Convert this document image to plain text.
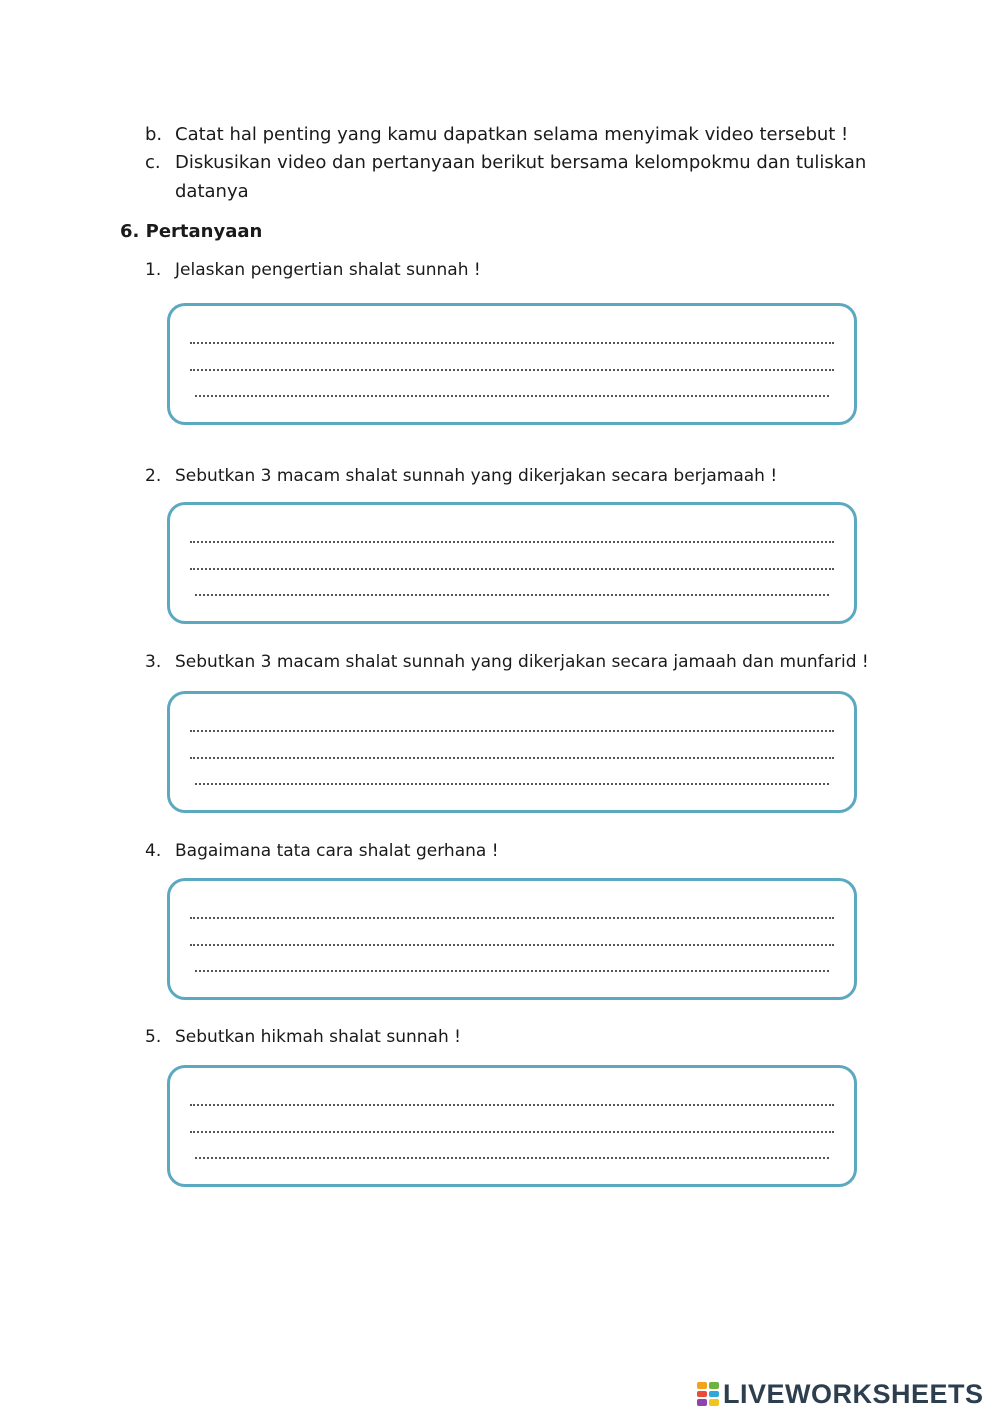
b. Catat hal penting yang kamu dapatkan selama menyimak video tersebut !
c. Diskusikan video dan pertanyaan berikut bersama kelompokmu dan tuliskan
datanya
6. Pertanyaan
1. Jelaskan pengertian shalat sunnah !
2. Sebutkan 3 macam shalat sunnah yang dikerjakan secara berjamaah !
3. Sebutkan 3 macam shalat sunnah yang dikerjakan secara jamaah dan munfarid !
4. Bagaimana tata cara shalat gerhana !
5. Sebutkan hikmah shalat sunnah !
LIVEWORKSHEETS
